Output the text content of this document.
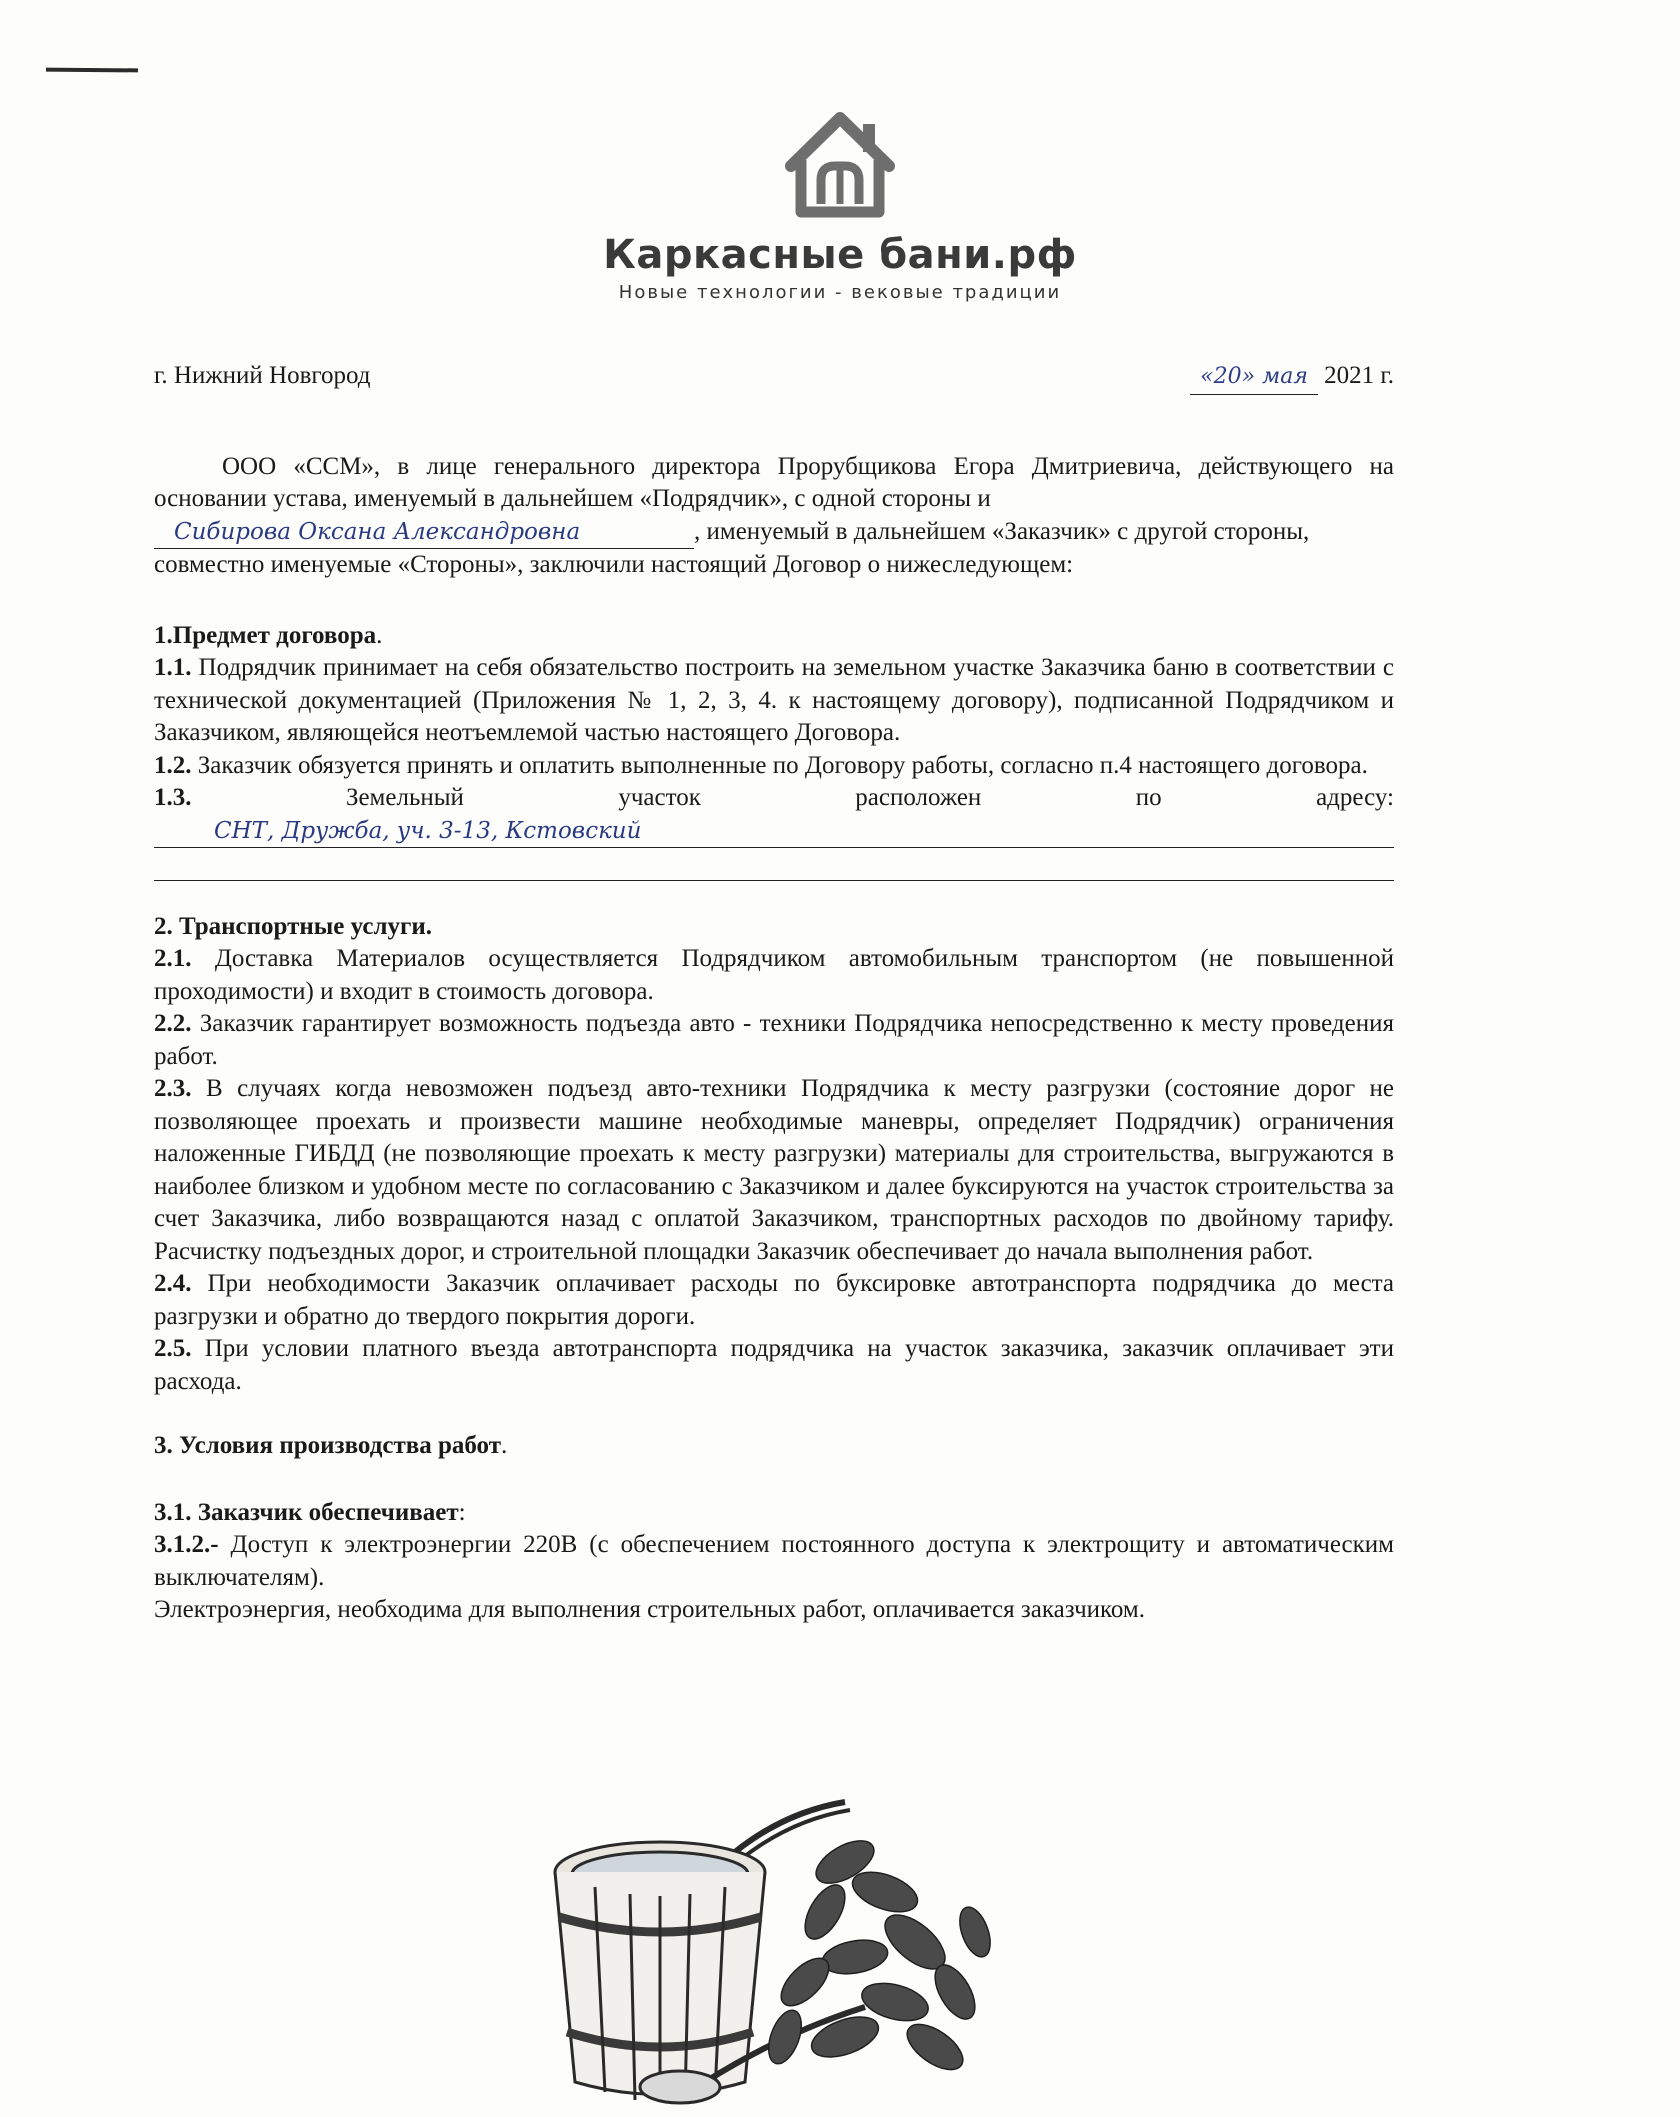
Каркасные бани.рф
Новые технологии - вековые традиции
г. Нижний Новгород	«20» мая 2021 г.

ООО «ССМ», в лице генерального директора Прорубщикова Егора Дмитриевича, действующего на основании устава, именуемый в дальнейшем «Подрядчик», с одной стороны и

Сибирова Оксана Александровна	, именуемый в дальнейшем «Заказчик» с другой стороны,

совместно именуемые «Стороны», заключили настоящий Договор о нижеследующем:

1.Предмет договора.

1.1. Подрядчик принимает на себя обязательство построить на земельном участке Заказчика баню в соответствии с технической документацией (Приложения № 1, 2, 3, 4. к настоящему договору), подписанной Подрядчиком и Заказчиком, являющейся неотъемлемой частью настоящего Договора.

1.2. Заказчик обязуется принять и оплатить выполненные по Договору работы, согласно п.4 настоящего договора.

1.3.	Земельный	участок	расположен	по	адресу:
СНТ, Дружба, уч. 3-13, Кстовский
2. Транспортные услуги.

2.1. Доставка Материалов осуществляется Подрядчиком автомобильным транспортом (не повышенной проходимости) и входит в стоимость договора.

2.2. Заказчик гарантирует возможность подъезда авто - техники Подрядчика непосредственно к месту проведения работ.

2.3. В случаях когда невозможен подъезд авто-техники Подрядчика к месту разгрузки (состояние дорог не позволяющее проехать и произвести машине необходимые маневры, определяет Подрядчик) ограничения наложенные ГИБДД (не позволяющие проехать к месту разгрузки) материалы для строительства, выгружаются в наиболее близком и удобном месте по согласованию с Заказчиком и далее буксируются на участок строительства за счет Заказчика, либо возвращаются назад с оплатой Заказчиком, транспортных расходов по двойному тарифу. Расчистку подъездных дорог, и строительной площадки Заказчик обеспечивает до начала выполнения работ.

2.4. При необходимости Заказчик оплачивает расходы по буксировке автотранспорта подрядчика до места разгрузки и обратно до твердого покрытия дороги.

2.5. При условии платного въезда автотранспорта подрядчика на участок заказчика, заказчик оплачивает эти расхода.

3. Условия производства работ.
3.1. Заказчик обеспечивает:

3.1.2.- Доступ к электроэнергии 220В (с обеспечением постоянного доступа к электрощиту и автоматическим выключателям).

Электроэнергия, необходима для выполнения строительных работ, оплачивается заказчиком.
